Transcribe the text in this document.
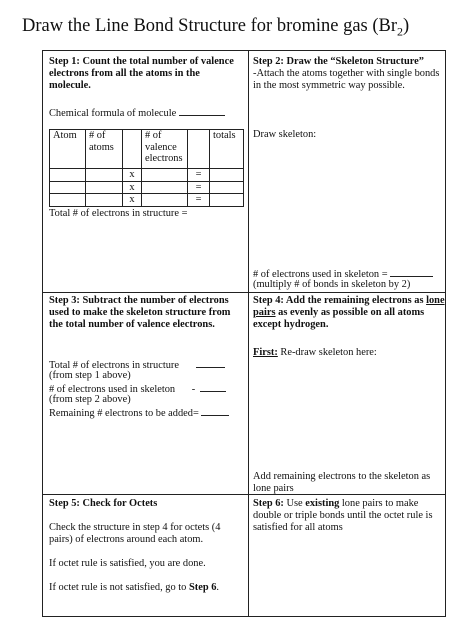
Draw the Line Bond Structure for bromine gas $(Br_2)$
Step 1: Count the total number of valence electrons from all the atoms in the molecule.
Chemical formula of molecule
Atom	# of atoms		# of valence electrons		totals
		x		=	
		x		=	
		x		=	
Total # of electrons in structure =
Step 2: Draw the “Skeleton Structure”
-Attach the atoms together with single bonds in the most symmetric way possible.
Draw skeleton:
# of electrons used in skeleton =
(multiply # of bonds in skeleton by 2)
Step 3: Subtract the number of electrons used to make the skeleton structure from the total number of valence electrons.
Total # of electrons in structure
(from step 1 above)
# of electrons used in skeleton -
(from step 2 above)
Remaining # electrons to be added=
Step 4: Add the remaining electrons as lone pairs as evenly as possible on all atoms except hydrogen.
First: Re-draw skeleton here:
Add remaining electrons to the skeleton as lone pairs
Step 5: Check for Octets
Check the structure in step 4 for octets (4 pairs) of electrons around each atom.
If octet rule is satisfied, you are done.
If octet rule is not satisfied, go to Step 6.
Step 6: Use existing lone pairs to make double or triple bonds until the octet rule is satisfied for all atoms
